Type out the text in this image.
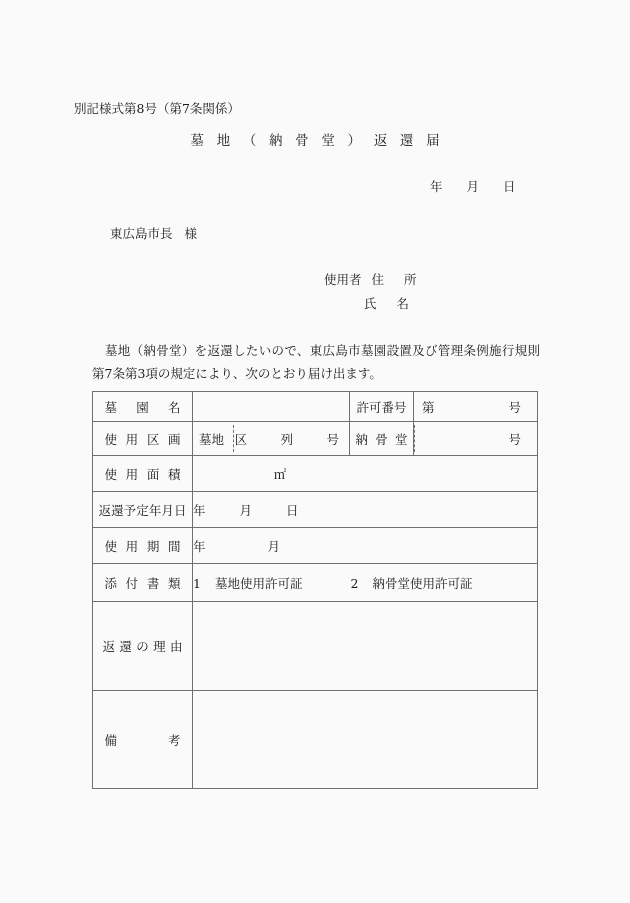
別記様式第8号（第7条関係）
墓 地 （ 納 骨 堂 ） 返 還 届
年 月 日
東広島市長 様
使用者 住 所
氏 名
墓地（納骨堂）を返還したいので、東広島市墓園設置及び管理条例施行規則第7条第3項の規定により、次のとおり届け出ます。
墓園名		許可番号	第 号

使用区画	墓地 区 列 号	納骨堂	号

使用面積	㎡		
返還予定年月日	年 月 日		
使用期間	年 月		
添付書類	1 墓地使用許可証 2 納骨堂使用許可証		
返還の理由			
備考			
